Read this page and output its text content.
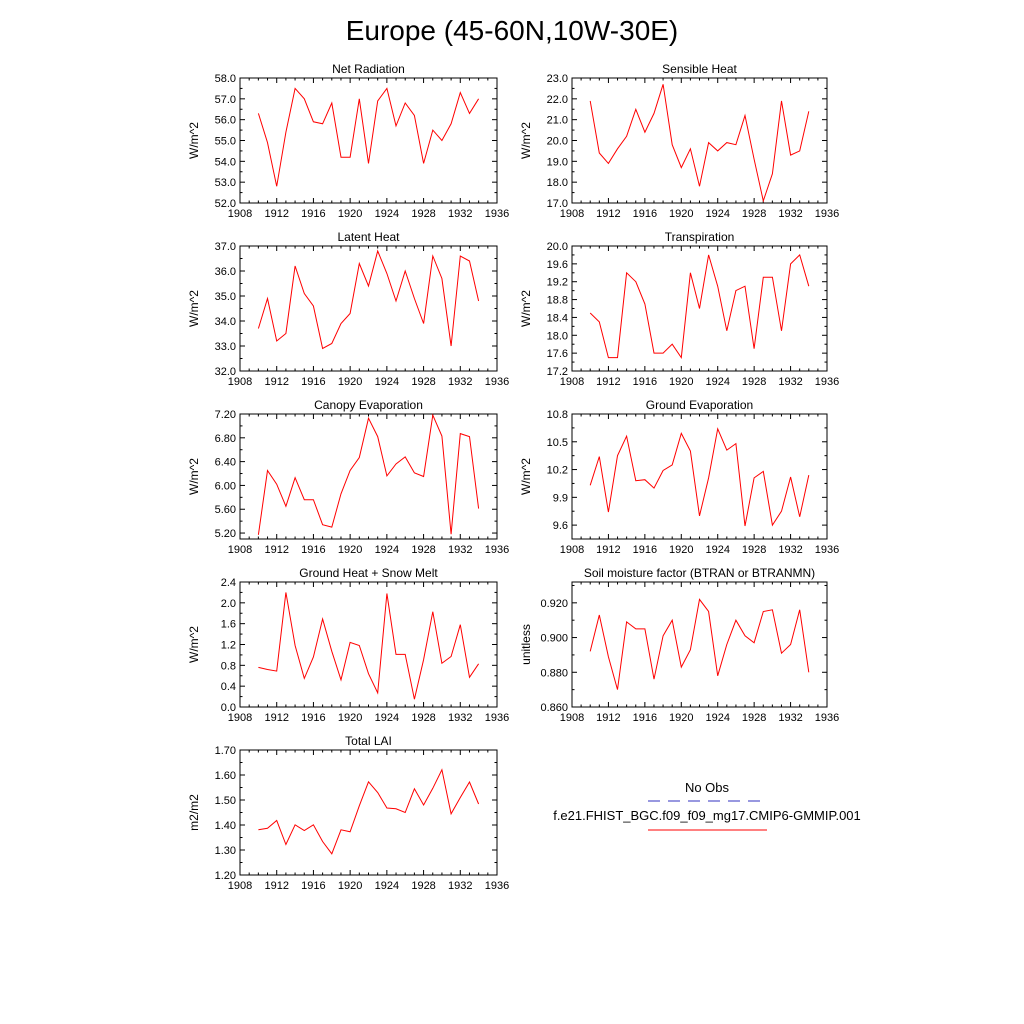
Europe (45-60N,10W-30E)
Net Radiation
W/m^2
1908 1912 1916 1920 1924 1928 1932 1936
52.0
53.0
54.0
55.0
56.0
57.0
58.0
Sensible Heat
W/m^2
1908 1912 1916 1920 1924 1928 1932 1936
17.0
18.0
19.0
20.0
21.0
22.0
23.0
Latent Heat
W/m^2
1908 1912 1916 1920 1924 1928 1932 1936
32.0
33.0
34.0
35.0
36.0
37.0
Transpiration
W/m^2
1908 1912 1916 1920 1924 1928 1932 1936
17.2
17.6
18.0
18.4
18.8
19.2
19.6
20.0
Canopy Evaporation
W/m^2
1908 1912 1916 1920 1924 1928 1932 1936
5.20
5.60
6.00
6.40
6.80
7.20
Ground Evaporation
W/m^2
1908 1912 1916 1920 1924 1928 1932 1936
9.6
9.9
10.2
10.5
10.8
Ground Heat + Snow Melt
W/m^2
1908 1912 1916 1920 1924 1928 1932 1936
0.0
0.4
0.8
1.2
1.6
2.0
2.4
Soil moisture factor (BTRAN or BTRANMN)
unitless
1908 1912 1916 1920 1924 1928 1932 1936
0.860
0.880
0.900
0.920
Total LAI
m2/m2
1908 1912 1916 1920 1924 1928 1932 1936
1.20
1.30
1.40
1.50
1.60
1.70
No Obs
f.e21.FHIST_BGC.f09_f09_mg17.CMIP6-GMMIP.001
